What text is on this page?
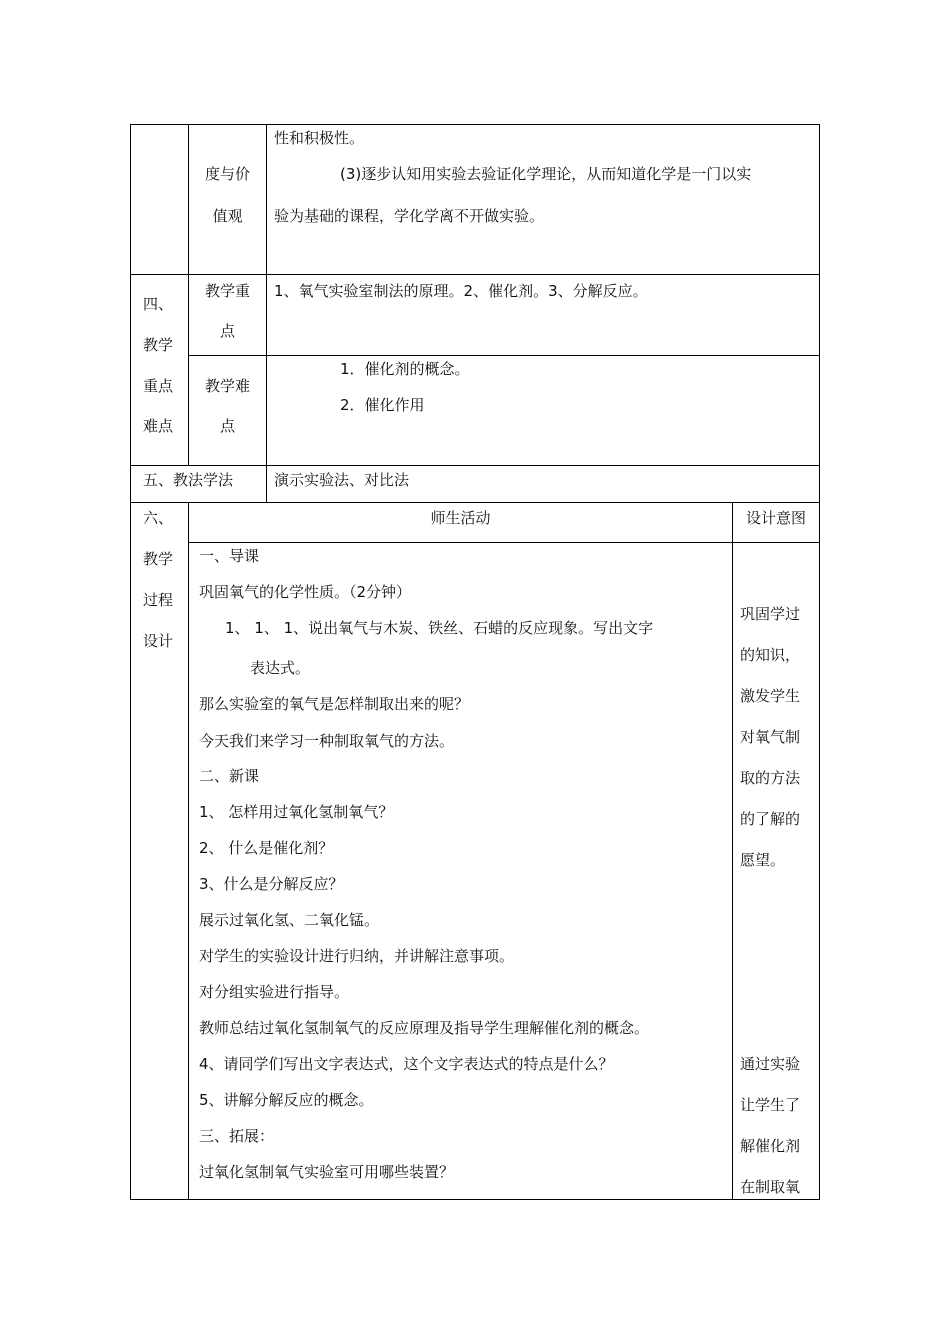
度与价
值观
性和积极性。
(3)逐步认知用实验去验证化学理论，从而知道化学是一门以实
验为基础的课程，学化学离不开做实验。
四、
教学
重点
难点
教学重
点
1、氧气实验室制法的原理。2、催化剂。3、分解反应。
教学难
点
1．催化剂的概念。
2．催化作用
五、教法学法	演示实验法、对比法
六、
教学
过程
设计
师生活动	设计意图
一、导课
巩固氧气的化学性质。（2分钟）
1、 1、 1、说出氧气与木炭、铁丝、石蜡的反应现象。写出文字
表达式。
那么实验室的氧气是怎样制取出来的呢？
今天我们来学习一种制取氧气的方法。
二、新课
1、 怎样用过氧化氢制氧气？
2、 什么是催化剂？
3、什么是分解反应？
展示过氧化氢、二氧化锰。
对学生的实验设计进行归纳，并讲解注意事项。
对分组实验进行指导。
教师总结过氧化氢制氧气的反应原理及指导学生理解催化剂的概念。
4、请同学们写出文字表达式，这个文字表达式的特点是什么？
5、讲解分解反应的概念。
三、拓展：
过氧化氢制氧气实验室可用哪些装置？
巩固学过
的知识，
激发学生
对氧气制
取的方法
的了解的
愿望。
通过实验
让学生了
解催化剂
在制取氧
